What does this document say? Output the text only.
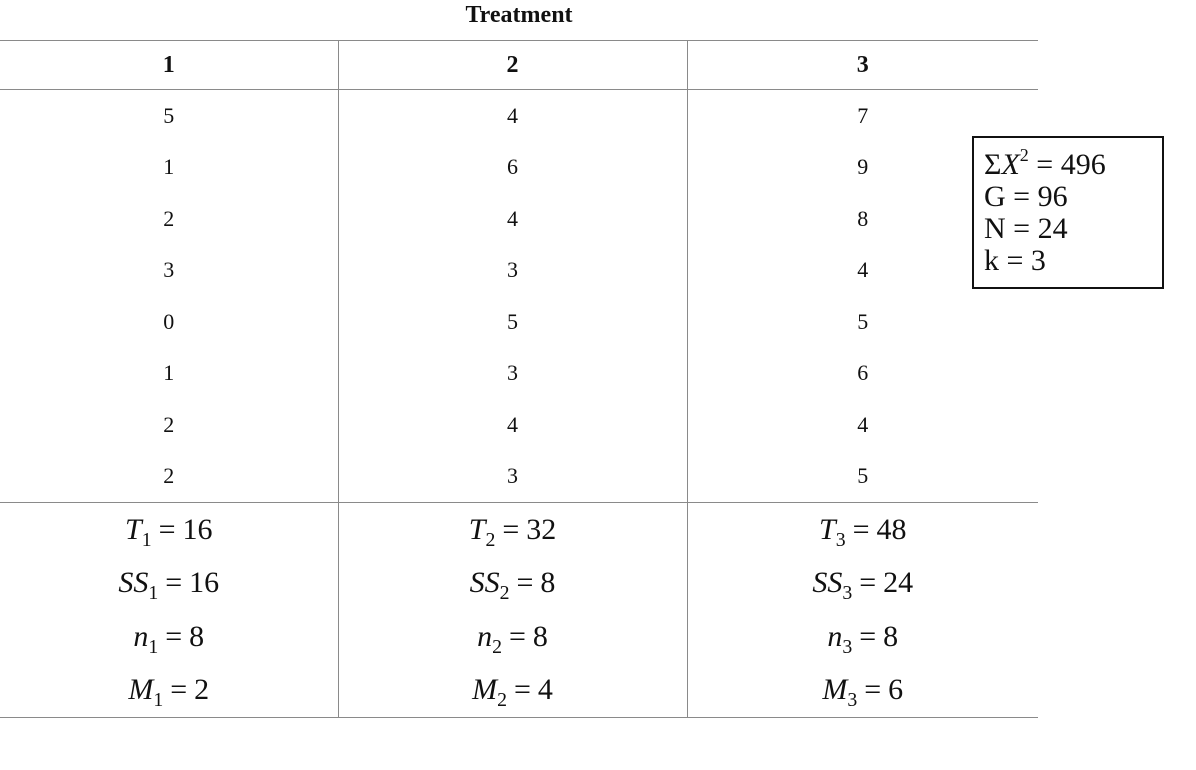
Treatment
1	2	3
5	4	7
1	6	9
2	4	8
3	3	4
0	5	5
1	3	6
2	4	4
2	3	5
$T_1 = 16$	$T_2 = 32$	$T_3 = 48$
$SS_1 = 16$	$SS_2 = 8$	$SS_3 = 24$
$n_1 = 8$	$n_2 = 8$	$n_3 = 8$
$M_1 = 2$	$M_2 = 4$	$M_3 = 6$
$\Sigma X^2 = 496$
G = 96
N = 24
k = 3
